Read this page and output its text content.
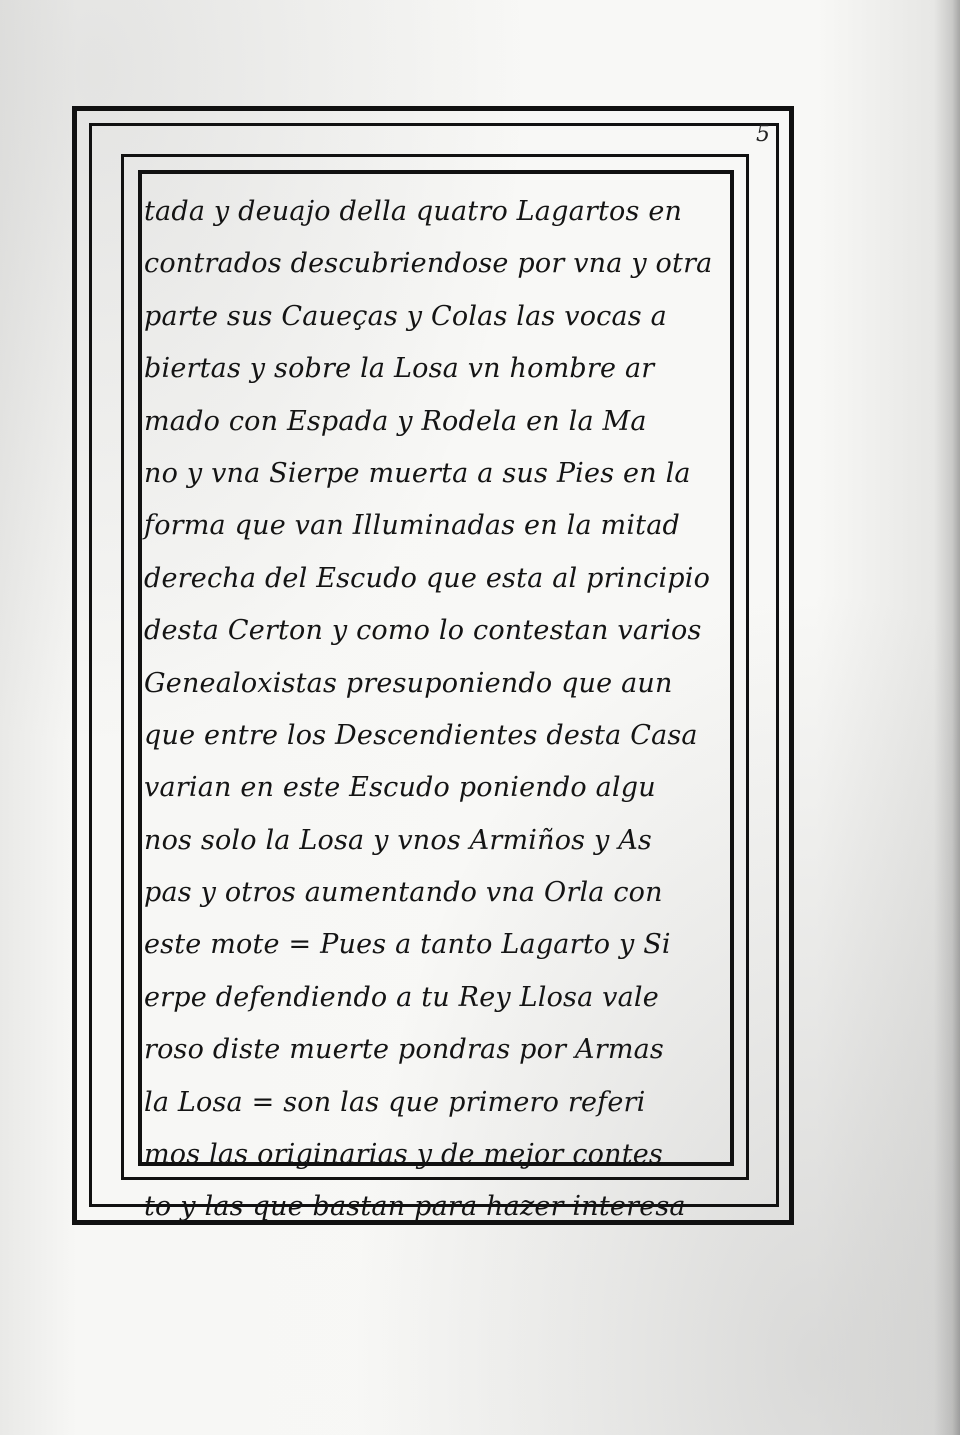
5
tada y deuajo della quatro Lagartos en
contrados descubriendose por vna y otra
parte sus Caueças y Colas las vocas a
biertas y sobre la Losa vn hombre ar
mado con Espada y Rodela en la Ma
no y vna Sierpe muerta a sus Pies en la
forma que van Illuminadas en la mitad
derecha del Escudo que esta al principio
desta Certon y como lo contestan varios
Genealoxistas presuponiendo que aun
que entre los Descendientes desta Casa
varian en este Escudo poniendo algu
nos solo la Losa y vnos Armiños y As
pas y otros aumentando vna Orla con
este mote = Pues a tanto Lagarto y Si
erpe defendiendo a tu Rey Llosa vale
roso diste muerte pondras por Armas
la Losa = son las que primero referi
mos las originarias y de mejor contes
to y las que bastan para hazer interesa
